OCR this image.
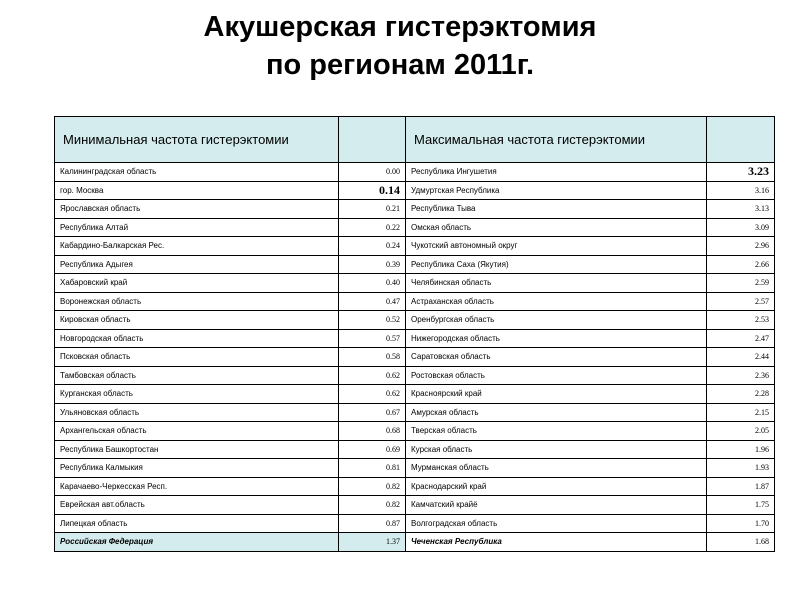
Акушерская гистерэктомия
по регионам 2011г.
Минимальная частота гистерэктомии		Максимальная частота гистерэктомии	
Калининградская область	0.00	Республика Ингушетия	3.23
гор. Москва	0.14	Удмуртская Республика	3.16
Ярославская область	0.21	Республика Тыва	3.13
Республика Алтай	0.22	Омская область	3.09
Кабардино-Балкарская Рес.	0.24	Чукотский автономный округ	2.96
Республика Адыгея	0.39	Республика Саха (Якутия)	2.66
Хабаровский край	0.40	Челябинская область	2.59
Воронежская область	0.47	Астраханская область	2.57
Кировская область	0.52	Оренбургская область	2.53
Новгородская область	0.57	Нижегородская область	2.47
Псковская область	0.58	Саратовская область	2.44
Тамбовская область	0.62	Ростовская область	2.36
Курганская область	0.62	Красноярский край	2.28
Ульяновская область	0.67	Амурская область	2.15
Архангельская область	0.68	Тверская область	2.05
Республика Башкортостан	0.69	Курская область	1.96
Республика Калмыкия	0.81	Мурманская область	1.93
Карачаево-Черкесская Респ.	0.82	Краснодарский край	1.87
Еврейская авт.область	0.82	Камчатский крайё	1.75
Липецкая область	0.87	Волгоградская область	1.70
Российская Федерация	1.37	Чеченская Республика	1.68
